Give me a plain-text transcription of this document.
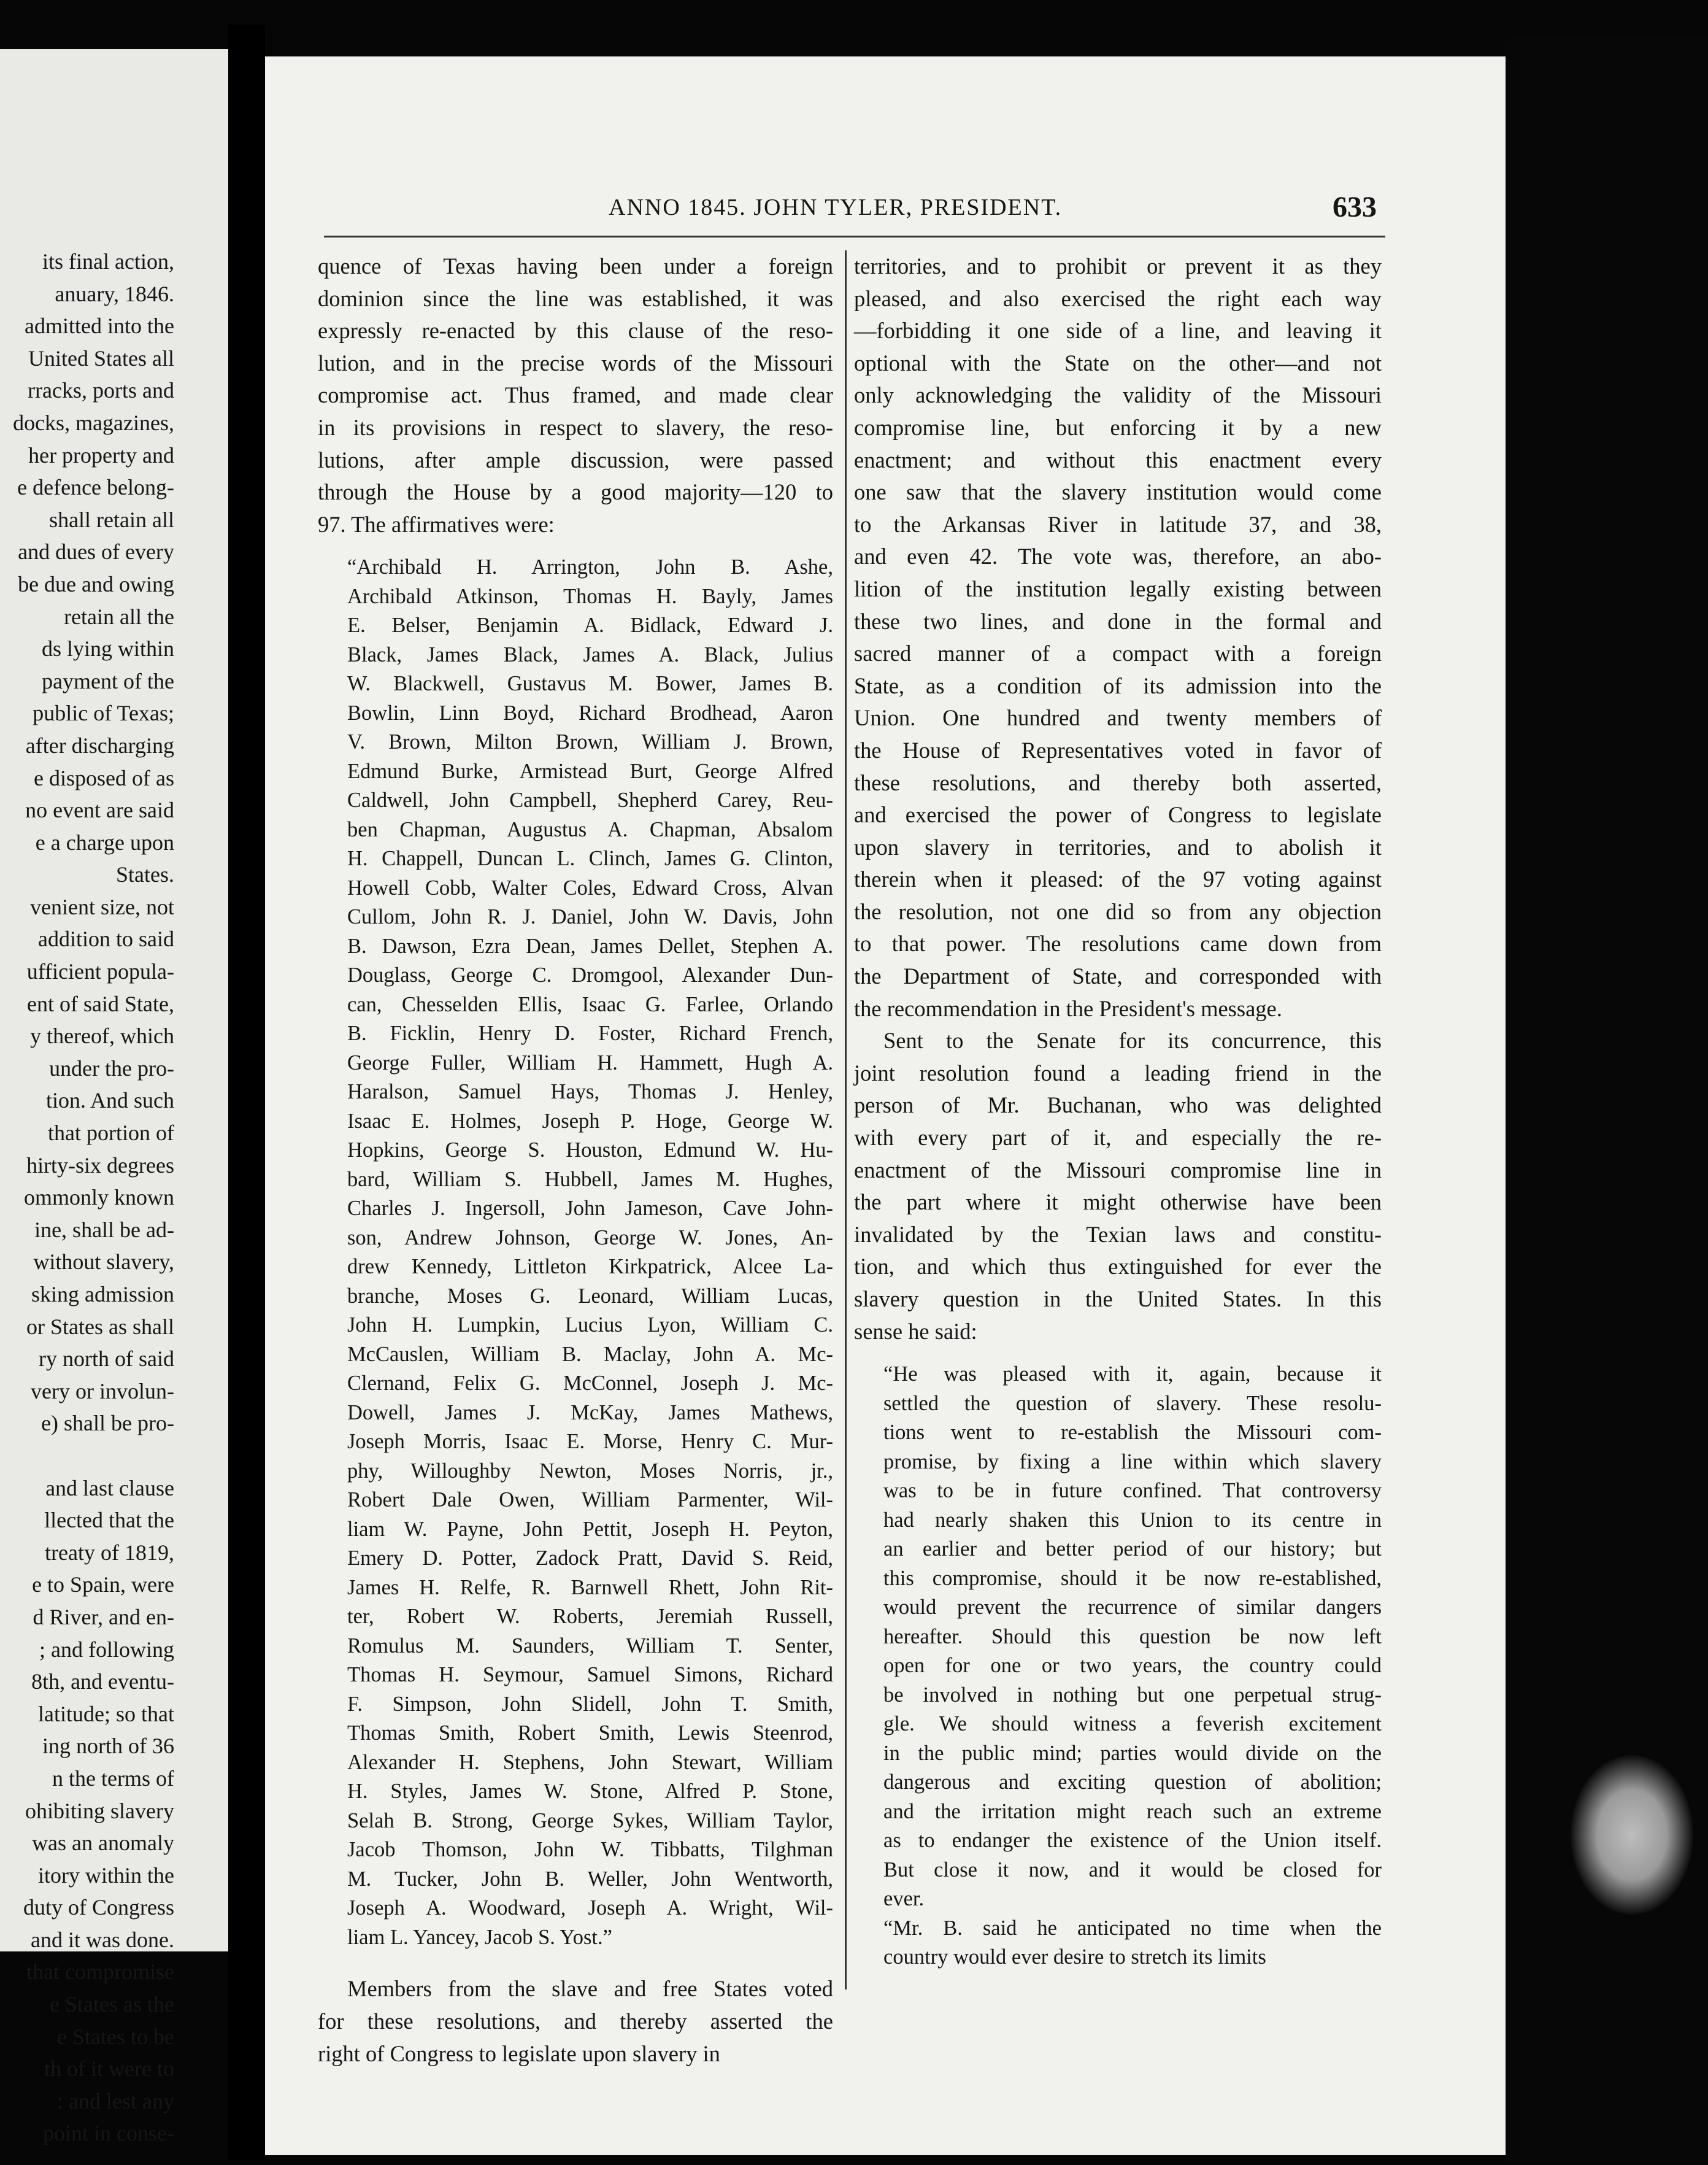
its final action,
anuary, 1846.
admitted into the
United States all
rracks, ports and
docks, magazines,
her property and
e defence belong-
shall retain all
and dues of every
be due and owing
retain all the
ds lying within
payment of the
public of Texas;
after discharging
e disposed of as
no event are said
e a charge upon
States.
venient size, not
addition to said
ufficient popula-
ent of said State,
y thereof, which
under the pro-
tion. And such
that portion of
hirty-six degrees
ommonly known
ine, shall be ad-
without slavery,
sking admission
or States as shall
ry north of said
very or involun-
e) shall be pro-
and last clause
llected that the
treaty of 1819,
e to Spain, were
d River, and en-
; and following
8th, and eventu-
latitude; so that
ing north of 36
n the terms of
ohibiting slavery
was an anomaly
itory within the
duty of Congress
and it was done.
that compromise
e States as the
e States to be
th of it were to
: and lest any
point in conse-
ANNO 1845. JOHN TYLER, PRESIDENT.	633
quence of Texas having been under a foreign
dominion since the line was established, it was
expressly re-enacted by this clause of the reso-
lution, and in the precise words of the Missouri
compromise act. Thus framed, and made clear
in its provisions in respect to slavery, the reso-
lutions, after ample discussion, were passed
through the House by a good majority—120 to
97. The affirmatives were:
“Archibald H. Arrington, John B. Ashe,
Archibald Atkinson, Thomas H. Bayly, James
E. Belser, Benjamin A. Bidlack, Edward J.
Black, James Black, James A. Black, Julius
W. Blackwell, Gustavus M. Bower, James B.
Bowlin, Linn Boyd, Richard Brodhead, Aaron
V. Brown, Milton Brown, William J. Brown,
Edmund Burke, Armistead Burt, George Alfred
Caldwell, John Campbell, Shepherd Carey, Reu-
ben Chapman, Augustus A. Chapman, Absalom
H. Chappell, Duncan L. Clinch, James G. Clinton,
Howell Cobb, Walter Coles, Edward Cross, Alvan
Cullom, John R. J. Daniel, John W. Davis, John
B. Dawson, Ezra Dean, James Dellet, Stephen A.
Douglass, George C. Dromgool, Alexander Dun-
can, Chesselden Ellis, Isaac G. Farlee, Orlando
B. Ficklin, Henry D. Foster, Richard French,
George Fuller, William H. Hammett, Hugh A.
Haralson, Samuel Hays, Thomas J. Henley,
Isaac E. Holmes, Joseph P. Hoge, George W.
Hopkins, George S. Houston, Edmund W. Hu-
bard, William S. Hubbell, James M. Hughes,
Charles J. Ingersoll, John Jameson, Cave John-
son, Andrew Johnson, George W. Jones, An-
drew Kennedy, Littleton Kirkpatrick, Alcee La-
branche, Moses G. Leonard, William Lucas,
John H. Lumpkin, Lucius Lyon, William C.
McCauslen, William B. Maclay, John A. Mc-
Clernand, Felix G. McConnel, Joseph J. Mc-
Dowell, James J. McKay, James Mathews,
Joseph Morris, Isaac E. Morse, Henry C. Mur-
phy, Willoughby Newton, Moses Norris, jr.,
Robert Dale Owen, William Parmenter, Wil-
liam W. Payne, John Pettit, Joseph H. Peyton,
Emery D. Potter, Zadock Pratt, David S. Reid,
James H. Relfe, R. Barnwell Rhett, John Rit-
ter, Robert W. Roberts, Jeremiah Russell,
Romulus M. Saunders, William T. Senter,
Thomas H. Seymour, Samuel Simons, Richard
F. Simpson, John Slidell, John T. Smith,
Thomas Smith, Robert Smith, Lewis Steenrod,
Alexander H. Stephens, John Stewart, William
H. Styles, James W. Stone, Alfred P. Stone,
Selah B. Strong, George Sykes, William Taylor,
Jacob Thomson, John W. Tibbatts, Tilghman
M. Tucker, John B. Weller, John Wentworth,
Joseph A. Woodward, Joseph A. Wright, Wil-
liam L. Yancey, Jacob S. Yost.”
Members from the slave and free States voted
for these resolutions, and thereby asserted the
right of Congress to legislate upon slavery in
territories, and to prohibit or prevent it as they
pleased, and also exercised the right each way
—forbidding it one side of a line, and leaving it
optional with the State on the other—and not
only acknowledging the validity of the Missouri
compromise line, but enforcing it by a new
enactment; and without this enactment every
one saw that the slavery institution would come
to the Arkansas River in latitude 37, and 38,
and even 42. The vote was, therefore, an abo-
lition of the institution legally existing between
these two lines, and done in the formal and
sacred manner of a compact with a foreign
State, as a condition of its admission into the
Union. One hundred and twenty members of
the House of Representatives voted in favor of
these resolutions, and thereby both asserted,
and exercised the power of Congress to legislate
upon slavery in territories, and to abolish it
therein when it pleased: of the 97 voting against
the resolution, not one did so from any objection
to that power. The resolutions came down from
the Department of State, and corresponded with
the recommendation in the President's message.
Sent to the Senate for its concurrence, this
joint resolution found a leading friend in the
person of Mr. Buchanan, who was delighted
with every part of it, and especially the re-
enactment of the Missouri compromise line in
the part where it might otherwise have been
invalidated by the Texian laws and constitu-
tion, and which thus extinguished for ever the
slavery question in the United States. In this
sense he said:
“He was pleased with it, again, because it
settled the question of slavery. These resolu-
tions went to re-establish the Missouri com-
promise, by fixing a line within which slavery
was to be in future confined. That controversy
had nearly shaken this Union to its centre in
an earlier and better period of our history; but
this compromise, should it be now re-established,
would prevent the recurrence of similar dangers
hereafter. Should this question be now left
open for one or two years, the country could
be involved in nothing but one perpetual strug-
gle. We should witness a feverish excitement
in the public mind; parties would divide on the
dangerous and exciting question of abolition;
and the irritation might reach such an extreme
as to endanger the existence of the Union itself.
But close it now, and it would be closed for
ever.
“Mr. B. said he anticipated no time when the
country would ever desire to stretch its limits
